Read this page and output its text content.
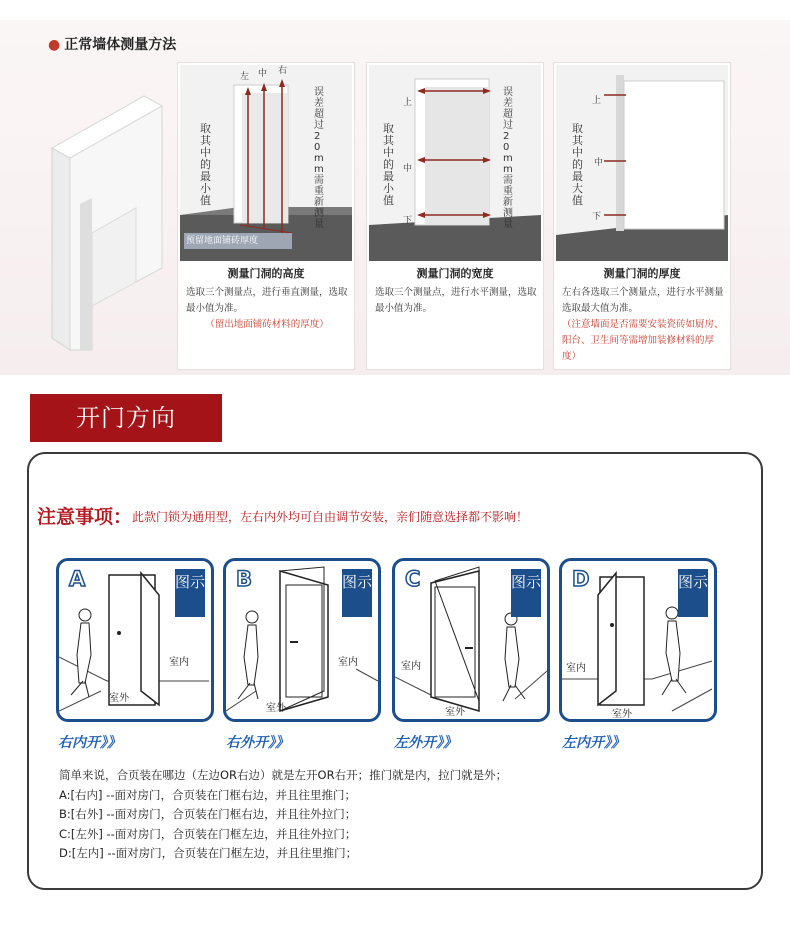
● 正常墙体测量方法
左 中 右
取其中的最小值
误差超过20mm需重新测量
预留地面铺砖厚度
测量门洞的高度
选取三个测量点，进行垂直测量，选取最小值为准。
（留出地面铺砖材料的厚度）
上
中
下
取其中的最小值
误差超过20mm需重新测量
测量门洞的宽度
选取三个测量点，进行水平测量，选取最小值为准。
上
中
下
取其中的最大值
测量门洞的厚度
左右各选取三个测量点，进行水平测量选取最大值为准。
（注意墙面是否需要安装瓷砖如厨房、阳台、卫生间等需增加装修材料的厚度）
开门方向
注意事项：此款门锁为通用型，左右内外均可自由调节安装，亲们随意选择都不影响！
A	图示
室内
室外
B	图示
室内
室外
C	图示
室内
室外
D	图示
室内
室外
右内开》》	右外开》》	左外开》》	左内开》》
简单来说，合页装在哪边（左边OR右边）就是左开OR右开；推门就是内，拉门就是外；
A:[右内] --面对房门，合页装在门框右边，并且往里推门；
B:[右外] --面对房门，合页装在门框右边，并且往外拉门；
C:[左外] --面对房门，合页装在门框左边，并且往外拉门；
D:[左内] --面对房门，合页装在门框左边，并且往里推门；
